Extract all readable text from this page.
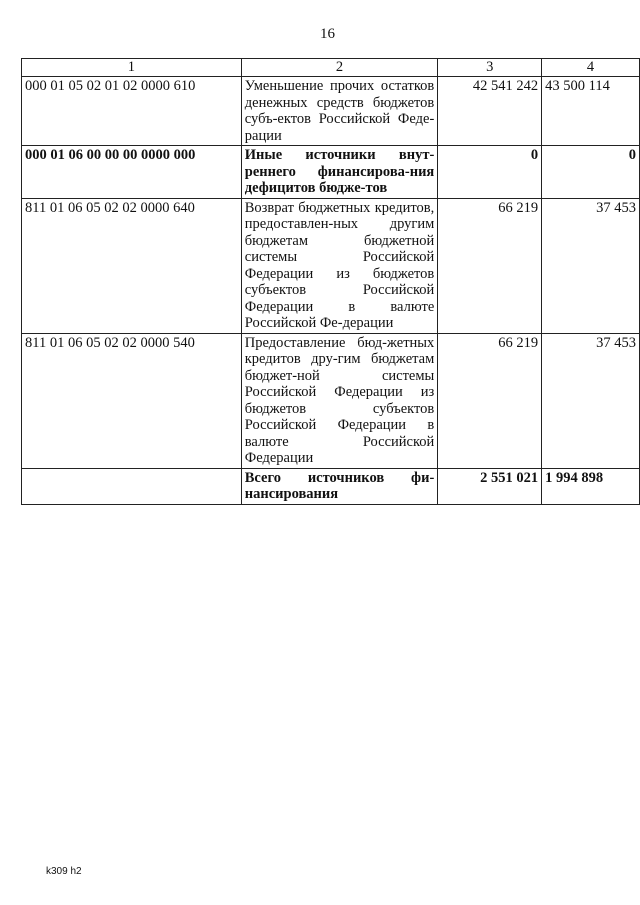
16
1	2	3	4
000 01 05 02 01 02 0000 610	Уменьшение прочих остатков денежных средств бюджетов субъ-ектов Российской Феде-рации	42 541 242	43 500 114
000 01 06 00 00 00 0000 000	Иные источники внут-реннего финансирова-ния дефицитов бюдже-тов	0	0
811 01 06 05 02 02 0000 640	Возврат бюджетных кредитов, предоставлен-ных другим бюджетам бюджетной системы Российской Федерации из бюджетов субъектов Российской Федерации в валюте Российской Фе-дерации	66 219	37 453
811 01 06 05 02 02 0000 540	Предоставление бюд-жетных кредитов дру-гим бюджетам бюджет-ной системы Российской Федерации из бюджетов субъектов Российской Федерации в валюте Российской Федерации	66 219	37 453
	Всего источников фи-нансирования	2 551 021	1 994 898
k309 h2
